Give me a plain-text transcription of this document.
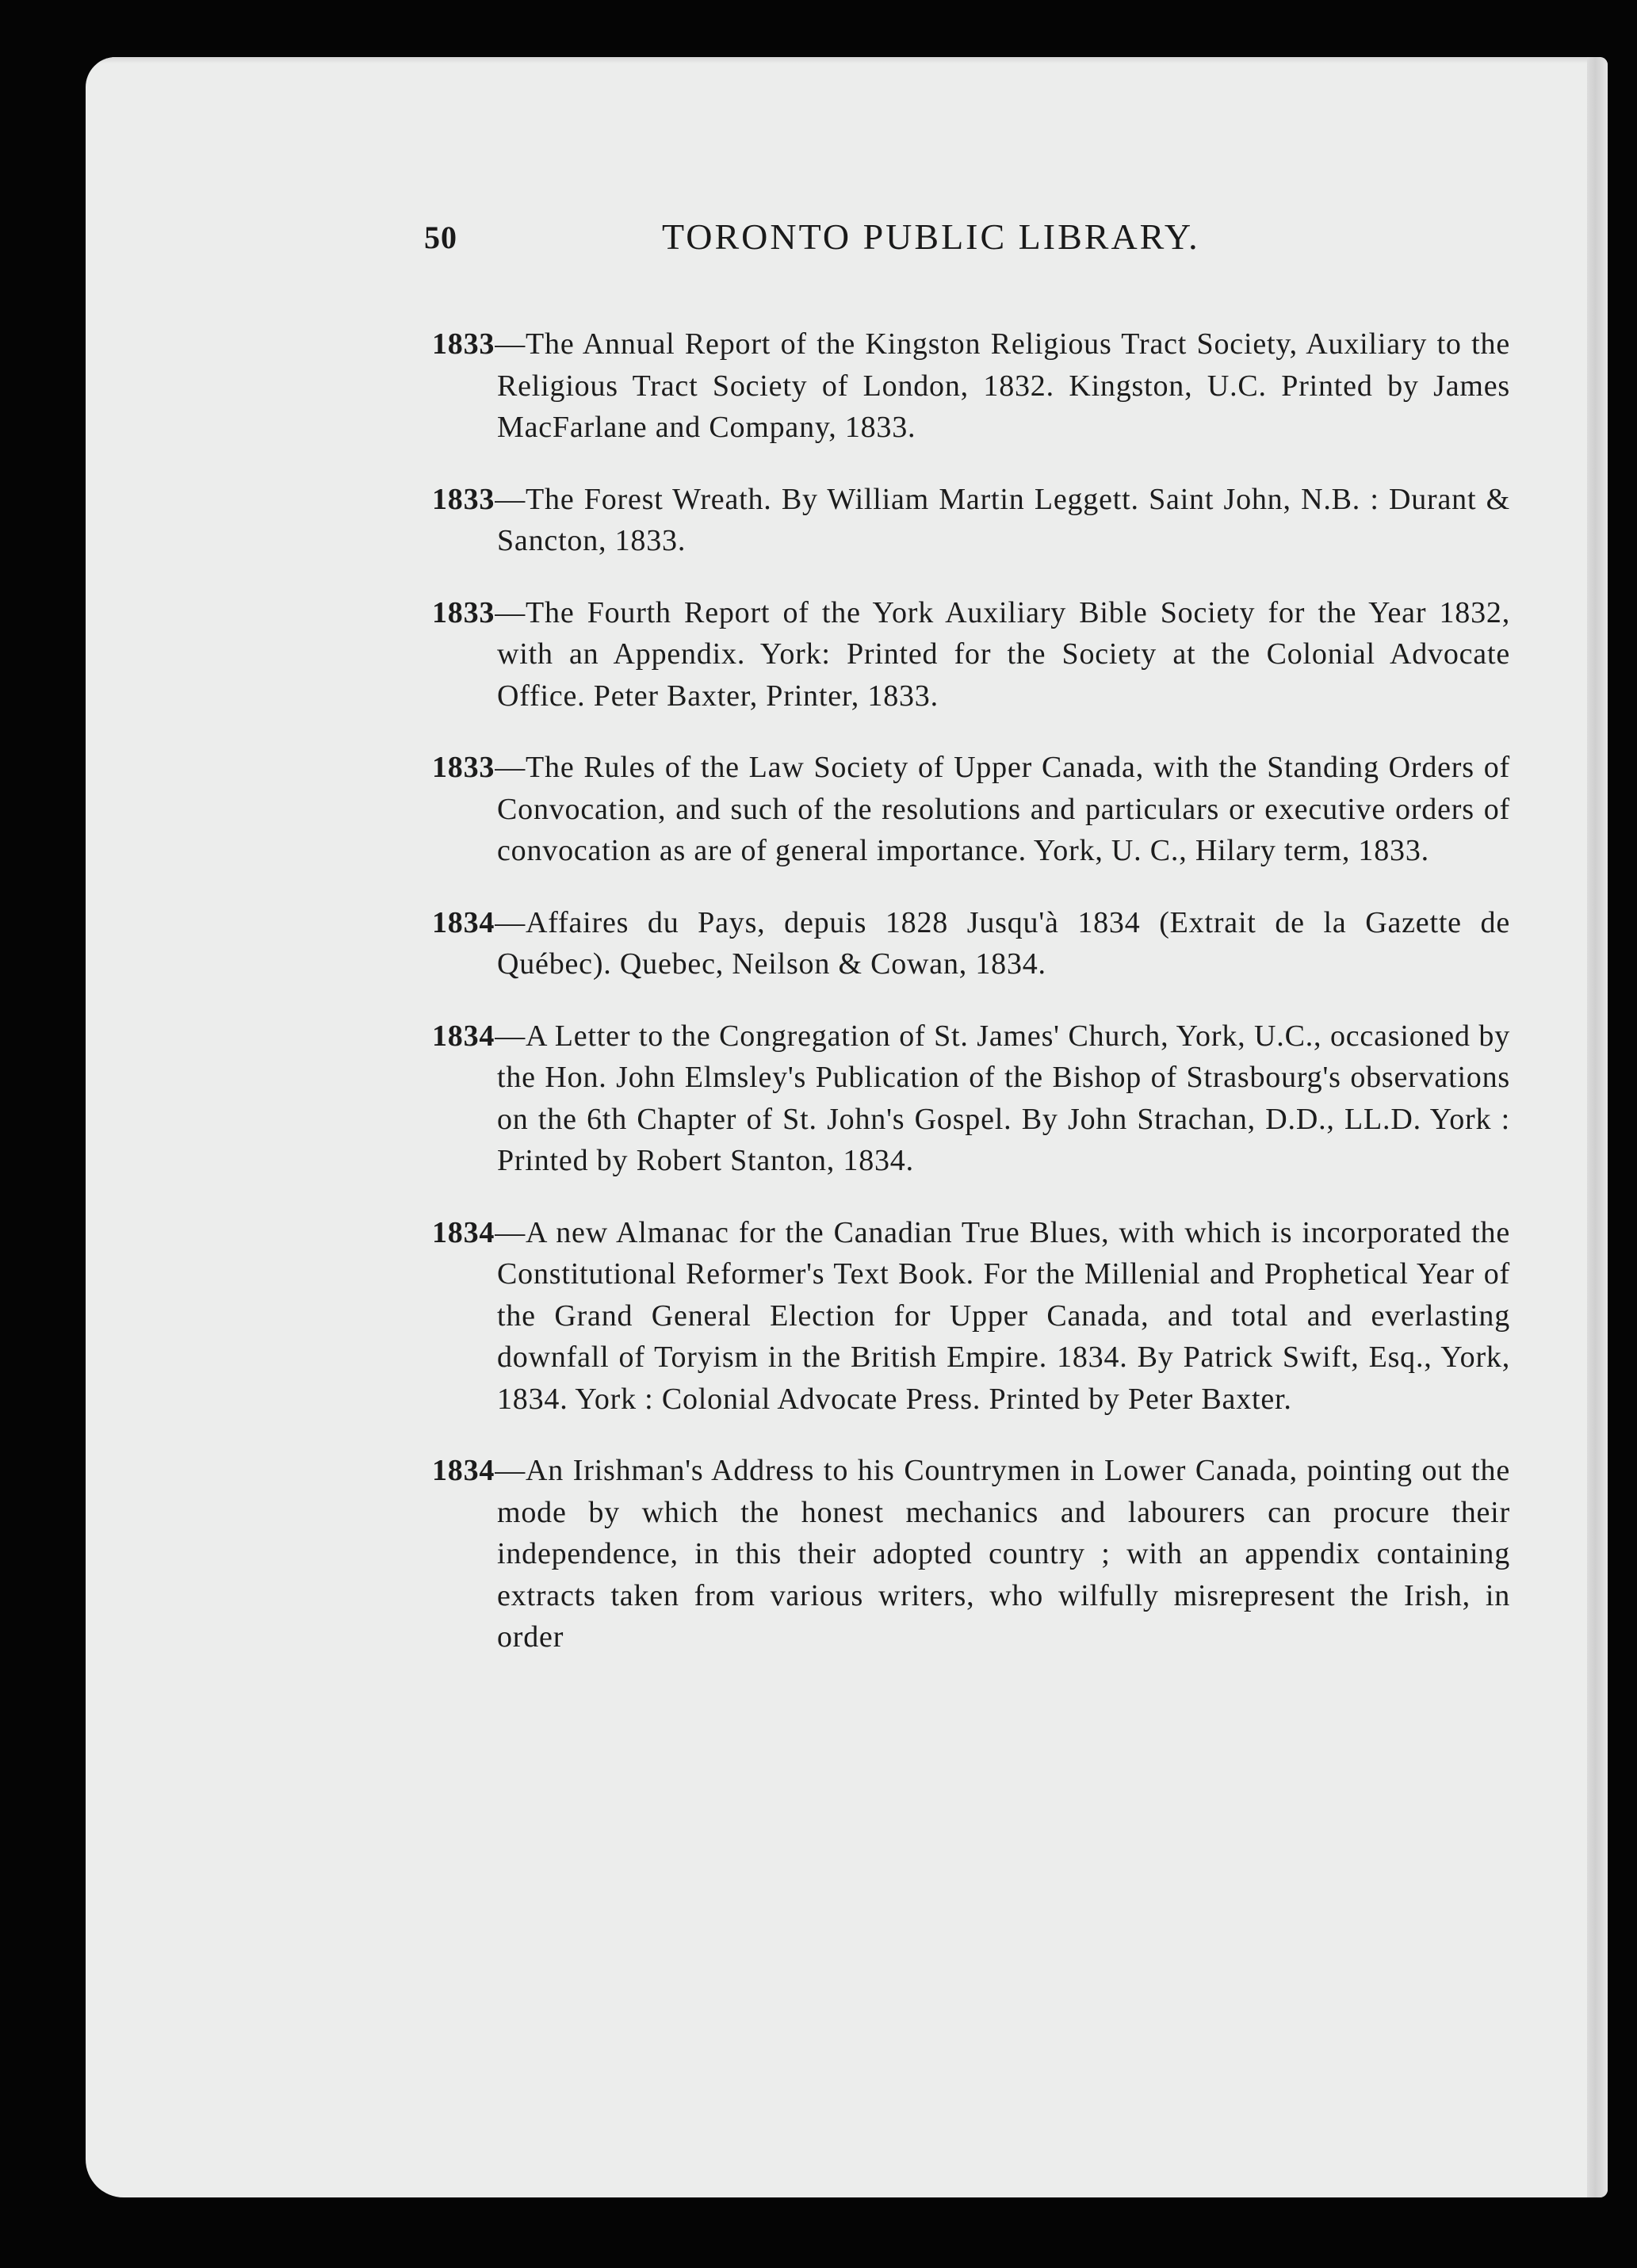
50	TORONTO PUBLIC LIBRARY.

1833—The Annual Report of the Kingston Religious Tract Society, Auxiliary to the Religious Tract Society of London, 1832. Kingston, U.C. Printed by James MacFarlane and Company, 1833.

1833—The Forest Wreath. By William Martin Leggett. Saint John, N.B. : Durant & Sancton, 1833.

1833—The Fourth Report of the York Auxiliary Bible Society for the Year 1832, with an Appendix. York: Printed for the Society at the Colonial Advocate Office. Peter Baxter, Printer, 1833.

1833—The Rules of the Law Society of Upper Canada, with the Standing Orders of Convocation, and such of the resolutions and particulars or executive orders of convocation as are of general importance. York, U. C., Hilary term, 1833.

1834—Affaires du Pays, depuis 1828 Jusqu'à 1834 (Extrait de la Gazette de Québec). Quebec, Neilson & Cowan, 1834.

1834—A Letter to the Congregation of St. James' Church, York, U.C., occasioned by the Hon. John Elmsley's Publication of the Bishop of Strasbourg's observations on the 6th Chapter of St. John's Gospel. By John Strachan, D.D., LL.D. York : Printed by Robert Stanton, 1834.

1834—A new Almanac for the Canadian True Blues, with which is incorporated the Constitutional Reformer's Text Book. For the Millenial and Prophetical Year of the Grand General Election for Upper Canada, and total and everlasting downfall of Toryism in the British Empire. 1834. By Patrick Swift, Esq., York, 1834. York : Colonial Advocate Press. Printed by Peter Baxter.

1834—An Irishman's Address to his Countrymen in Lower Canada, pointing out the mode by which the honest mechanics and labourers can procure their independence, in this their adopted country ; with an appendix containing extracts taken from various writers, who wilfully misrepresent the Irish, in order
